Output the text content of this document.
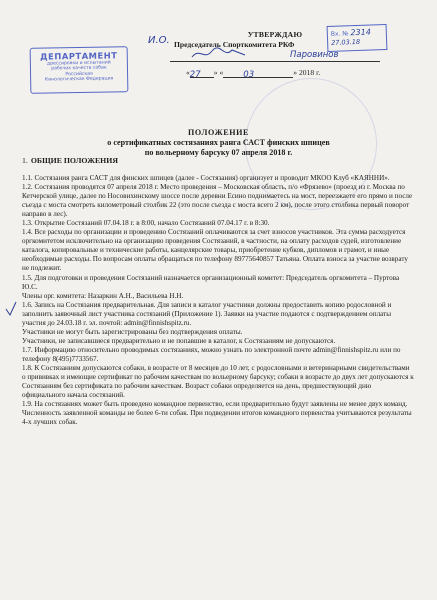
ДЕПАРТАМЕНТ
дрессировки и испытаний
рабочих качеств собак
Российская
Кинологическая Федерация
Вх. № 2314
27.03.18
И.О.
УТВЕРЖДАЮ
Председатель Спорткомитета РКФ
Паровинов
«27 » « 03	» 2018 г.
ПОЛОЖЕНИЕ
о сертификатных состязаниях ранга САСТ финских шпицев
по вольерному барсуку 07 апреля 2018 г.
1. ОБЩИЕ ПОЛОЖЕНИЯ

1.1. Состязания ранга САСТ для финских шпицев (далее - Состязания) организует и проводит МКОО Клуб «КАЯННИ».

1.2. Состязания проводятся 07 апреля 2018 г. Место проведения – Московская область, п/о «Фрязево» (проезд из г. Москва по Кетчерской улице, далее по Носовихинскому шоссе после деревни Есино поднимаетесь на мост, переезжаете его прямо и после съезда с моста смотреть километровый столбик 22 (это после съезда с моста всего 2 км), после этого столбика первый поворот направо в лес).

1.3. Открытие Состязаний 07.04.18 г. в 8:00, начало Состязаний 07.04.17 г. в 8:30.

1.4. Все расходы по организации и проведению Состязаний оплачиваются за счет взносов участников. Эта сумма расходуется оргкомитетом исключительно на организацию проведения Состязаний, в частности, на оплату расходов судей, изготовление каталога, копировальные и технические работы, канцелярские товары, приобретение кубков, дипломов и грамот, и иные необходимые расходы. По вопросам оплаты обращаться по телефону 89775640857 Татьяна. Оплата взноса за участие возврату не подлежит.

1.5. Для подготовки и проведения Состязаний назначается организационный комитет: Председатель оргкомитета – Пуртова Ю.С.

Члены орг. комитета: Назаркин А.Н., Васильева Н.Н.

1.6. Запись на Состязания предварительная. Для записи в каталог участники должны предоставить копию родословной и заполнить заявочный лист участника состязаний (Приложение 1). Заявки на участие подаются с подтверждением оплаты участия до 24.03.18 г. эл. почтой: admin@finnishspitz.ru.

Участники не могут быть зарегистрированы без подтверждения оплаты.

Участники, не записавшиеся предварительно и не попавшие в каталог, к Состязаниям не допускаются.

1.7. Информацию относительно проводимых состязаниях, можно узнать по электронной почте admin@finnishspitz.ru или по телефону 8(495)7733567.

1.8. К Состязаниям допускаются собаки, в возрасте от 8 месяцев до 10 лет, с родословными и ветеринарными свидетельствами о прививках и имеющие сертификат по рабочим качествам по вольерному барсуку; собаки в возрасте до двух лет допускаются к Состязаниям без сертификата по рабочим качествам. Возраст собаки определяется на день, предшествующий дню официального начала состязаний.

1.9. На состязаниях может быть проведено командное первенство, если предварительно будут заявлены не менее двух команд. Численность заявленной команды не более 6-ти собак. При подведении итогов командного первенства учитываются результаты 4-х лучших собак.
